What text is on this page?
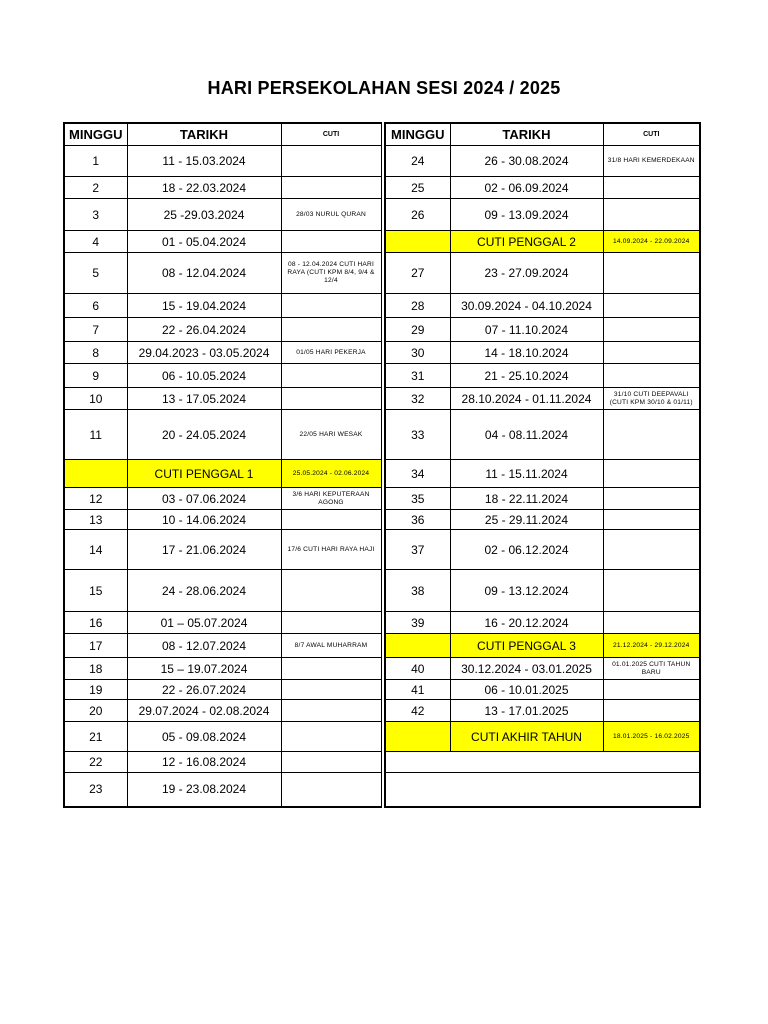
HARI PERSEKOLAHAN SESI 2024 / 2025
MINGGU	TARIKH	CUTI
1	11 - 15.03.2024	
2	18 - 22.03.2024	
3	25 -29.03.2024	28/03 NURUL QURAN
4	01 - 05.04.2024	
5	08 - 12.04.2024	08 - 12.04.2024 CUTI HARI RAYA (CUTI KPM 8/4, 9/4 & 12/4
6	15 - 19.04.2024	
7	22 - 26.04.2024	
8	29.04.2023 - 03.05.2024	01/05 HARI PEKERJA
9	06 - 10.05.2024	
10	13 - 17.05.2024	
11	20 - 24.05.2024	22/05 HARI WESAK
	CUTI PENGGAL 1	25.05.2024 - 02.06.2024
12	03 - 07.06.2024	3/6 HARI KEPUTERAAN AGONG
13	10 - 14.06.2024	
14	17 - 21.06.2024	17/6 CUTI HARI RAYA HAJI
15	24 - 28.06.2024	
16	01 – 05.07.2024	
17	08 - 12.07.2024	8/7 AWAL MUHARRAM
18	15 – 19.07.2024	
19	22 - 26.07.2024	
20	29.07.2024 - 02.08.2024	
21	05 - 09.08.2024	
22	12 - 16.08.2024	
23	19 - 23.08.2024	
MINGGU	TARIKH	CUTI
24	26 - 30.08.2024	31/8 HARI KEMERDEKAAN
25	02 - 06.09.2024	
26	09 - 13.09.2024	
	CUTI PENGGAL 2	14.09.2024 - 22.09.2024
27	23 - 27.09.2024	
28	30.09.2024 - 04.10.2024	
29	07 - 11.10.2024	
30	14 - 18.10.2024	
31	21 - 25.10.2024	
32	28.10.2024 - 01.11.2024	31/10 CUTI DEEPAVALI (CUTI KPM 30/10 & 01/11)
33	04 - 08.11.2024	
34	11 - 15.11.2024	
35	18 - 22.11.2024	
36	25 - 29.11.2024	
37	02 - 06.12.2024	
38	09 - 13.12.2024	
39	16 - 20.12.2024	
	CUTI PENGGAL 3	21.12.2024 - 29.12.2024
40	30.12.2024 - 03.01.2025	01.01.2025 CUTI TAHUN BARU
41	06 - 10.01.2025	
42	13 - 17.01.2025	
	CUTI AKHIR TAHUN	18.01.2025 - 16.02.2025
